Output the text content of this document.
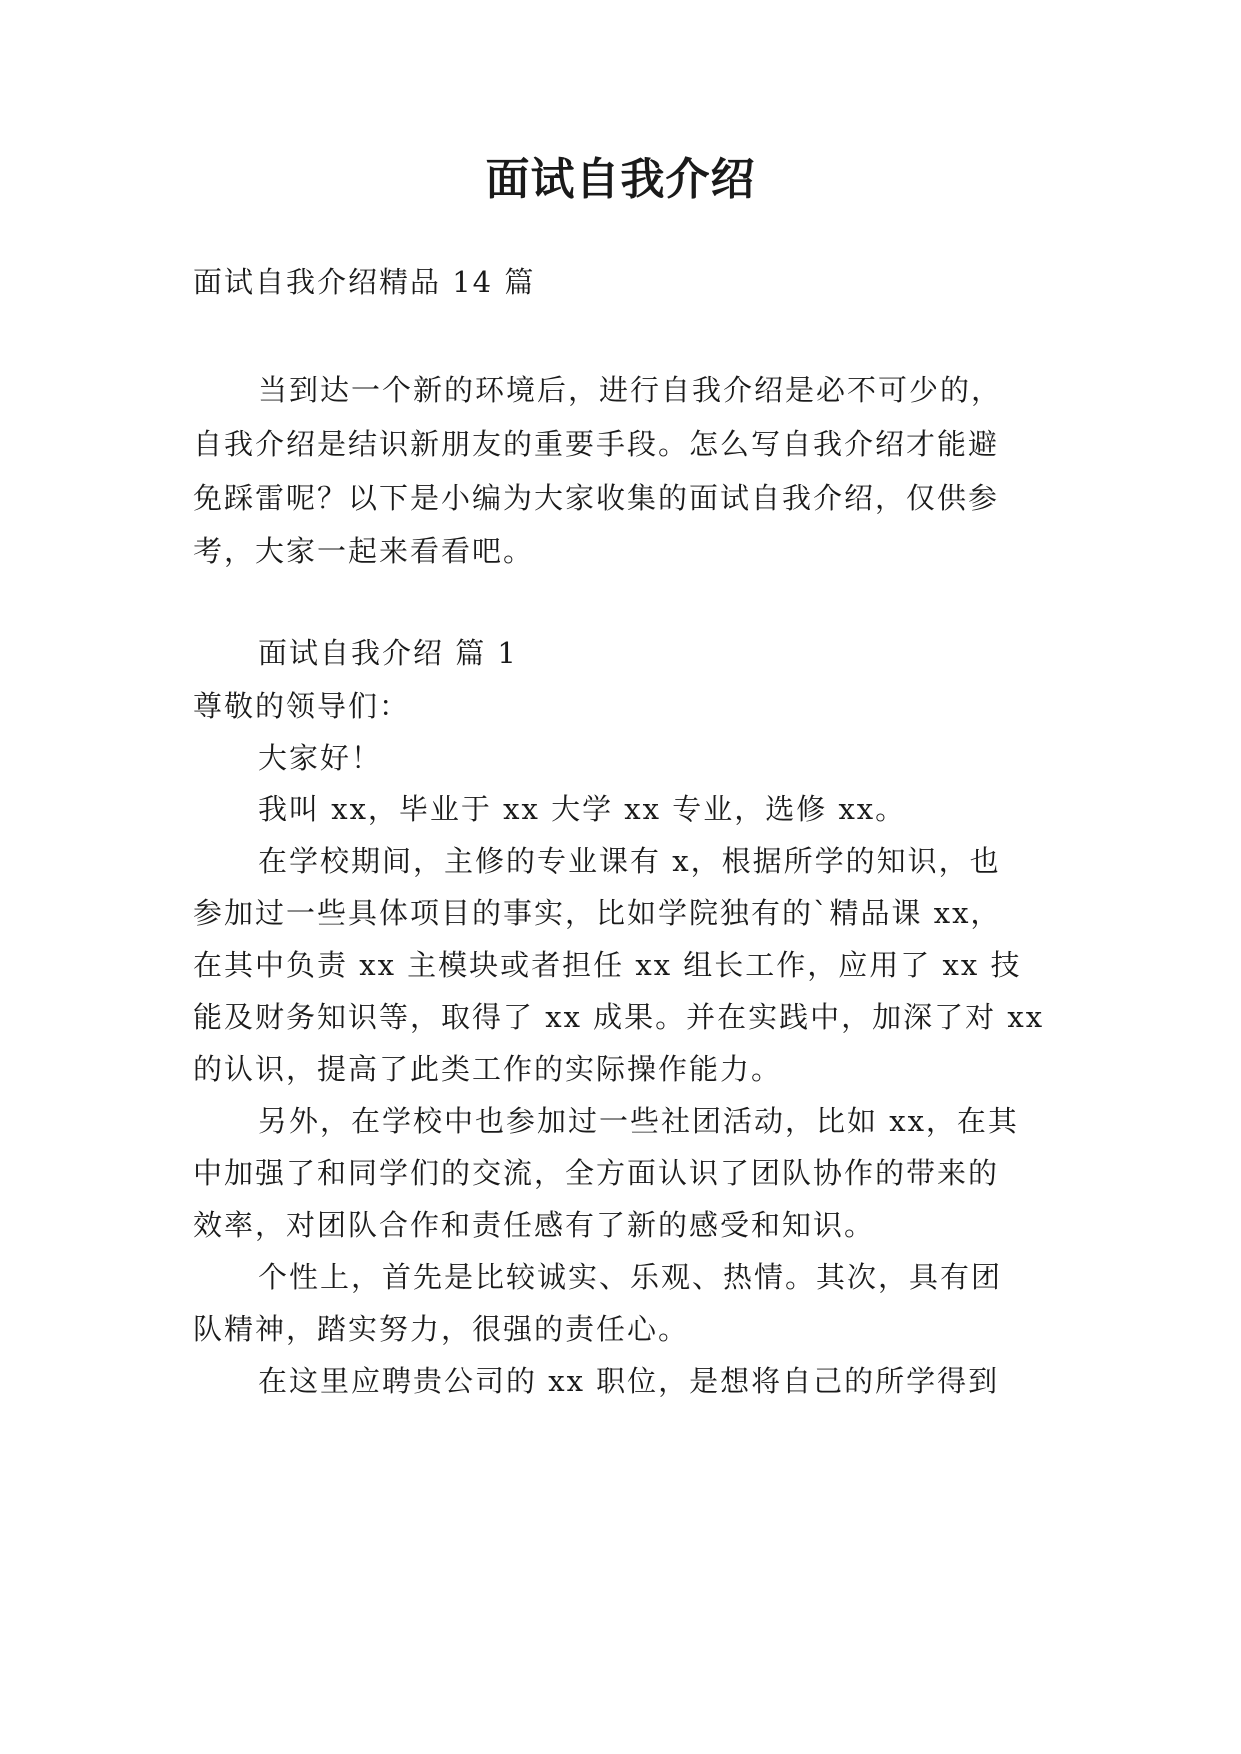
面试自我介绍

面试自我介绍精品 14 篇

当到达一个新的环境后，进行自我介绍是必不可少的，

自我介绍是结识新朋友的重要手段。怎么写自我介绍才能避

免踩雷呢？以下是小编为大家收集的面试自我介绍，仅供参

考，大家一起来看看吧。

面试自我介绍 篇 1

尊敬的领导们：

大家好！

我叫 xx，毕业于 xx 大学 xx 专业，选修 xx。

在学校期间，主修的专业课有 x，根据所学的知识，也

参加过一些具体项目的事实，比如学院独有的`精品课 xx，

在其中负责 xx 主模块或者担任 xx 组长工作，应用了 xx 技

能及财务知识等，取得了 xx 成果。并在实践中，加深了对 xx

的认识，提高了此类工作的实际操作能力。

另外，在学校中也参加过一些社团活动，比如 xx，在其

中加强了和同学们的交流，全方面认识了团队协作的带来的

效率，对团队合作和责任感有了新的感受和知识。

个性上，首先是比较诚实、乐观、热情。其次，具有团

队精神，踏实努力，很强的责任心。

在这里应聘贵公司的 xx 职位，是想将自己的所学得到
